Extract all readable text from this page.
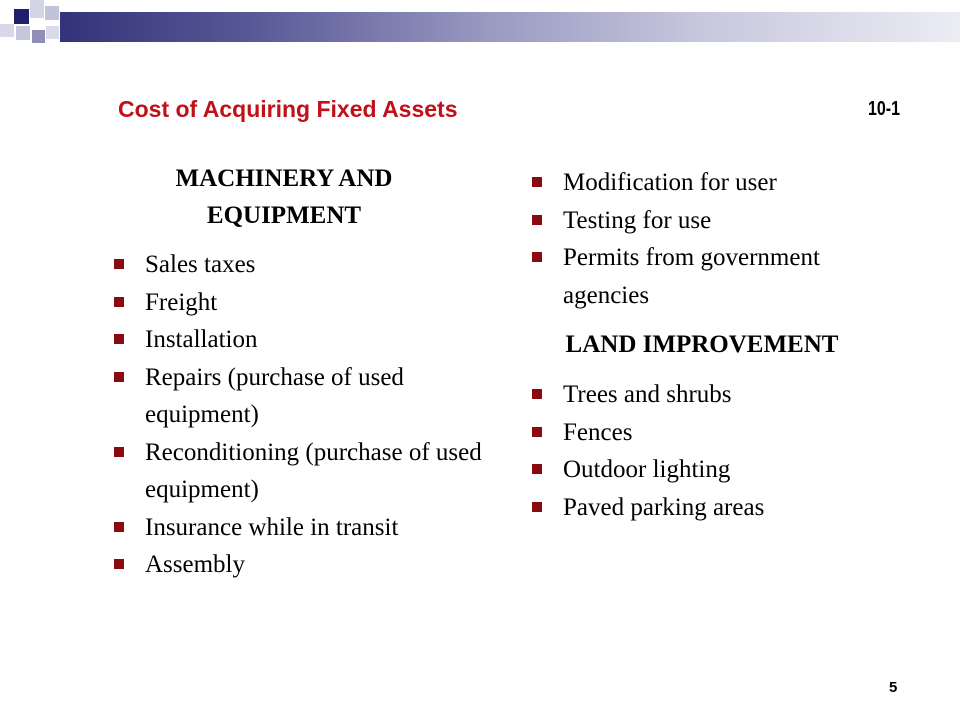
Cost of Acquiring Fixed Assets	10-1

MACHINERY AND EQUIPMENT

Sales taxes
Freight
Installation
Repairs (purchase of used equipment)
Reconditioning (purchase of used equipment)
Insurance while in transit
Assembly
Modification for user
Testing for use
Permits from government agencies

LAND IMPROVEMENT

Trees and shrubs
Fences
Outdoor lighting
Paved parking areas
5
